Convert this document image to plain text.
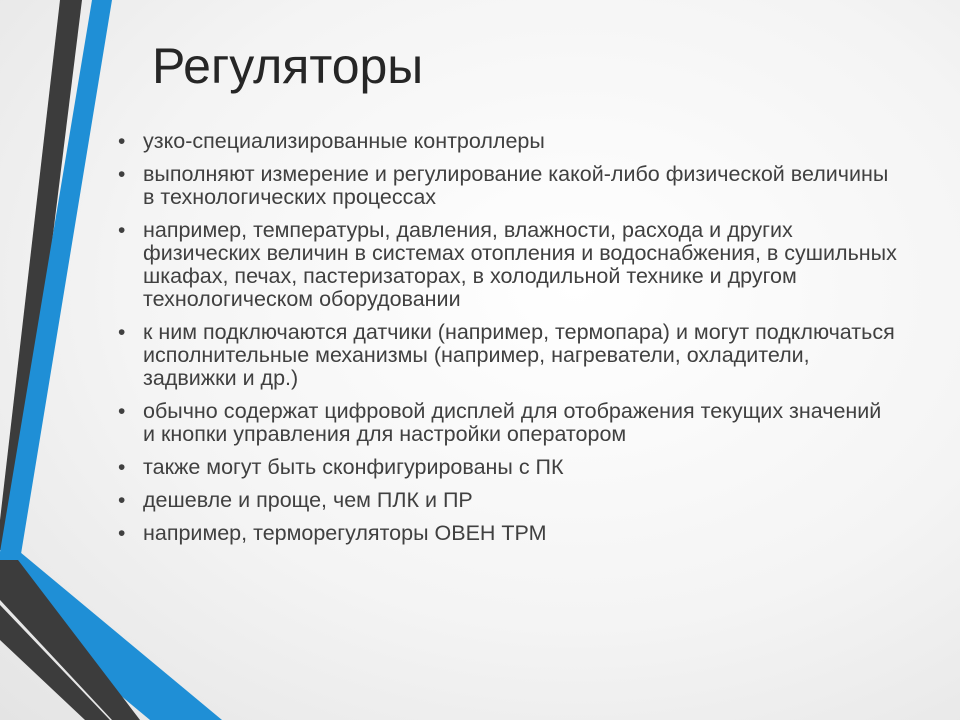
Регуляторы
• узко-специализированные контроллеры
• выполняют измерение и регулирование какой-либо физической величины в технологических процессах
• например, температуры, давления, влажности, расхода и других физических величин в системах отопления и водоснабжения, в сушильных шкафах, печах, пастеризаторах, в холодильной технике и другом технологическом оборудовании
• к ним подключаются датчики (например, термопара) и могут подключаться исполнительные механизмы (например, нагреватели, охладители, задвижки и др.)
• обычно содержат цифровой дисплей для отображения текущих значений и кнопки управления для настройки оператором
• также могут быть сконфигурированы с ПК
• дешевле и проще, чем ПЛК и ПР
• например, терморегуляторы ОВЕН ТРМ
